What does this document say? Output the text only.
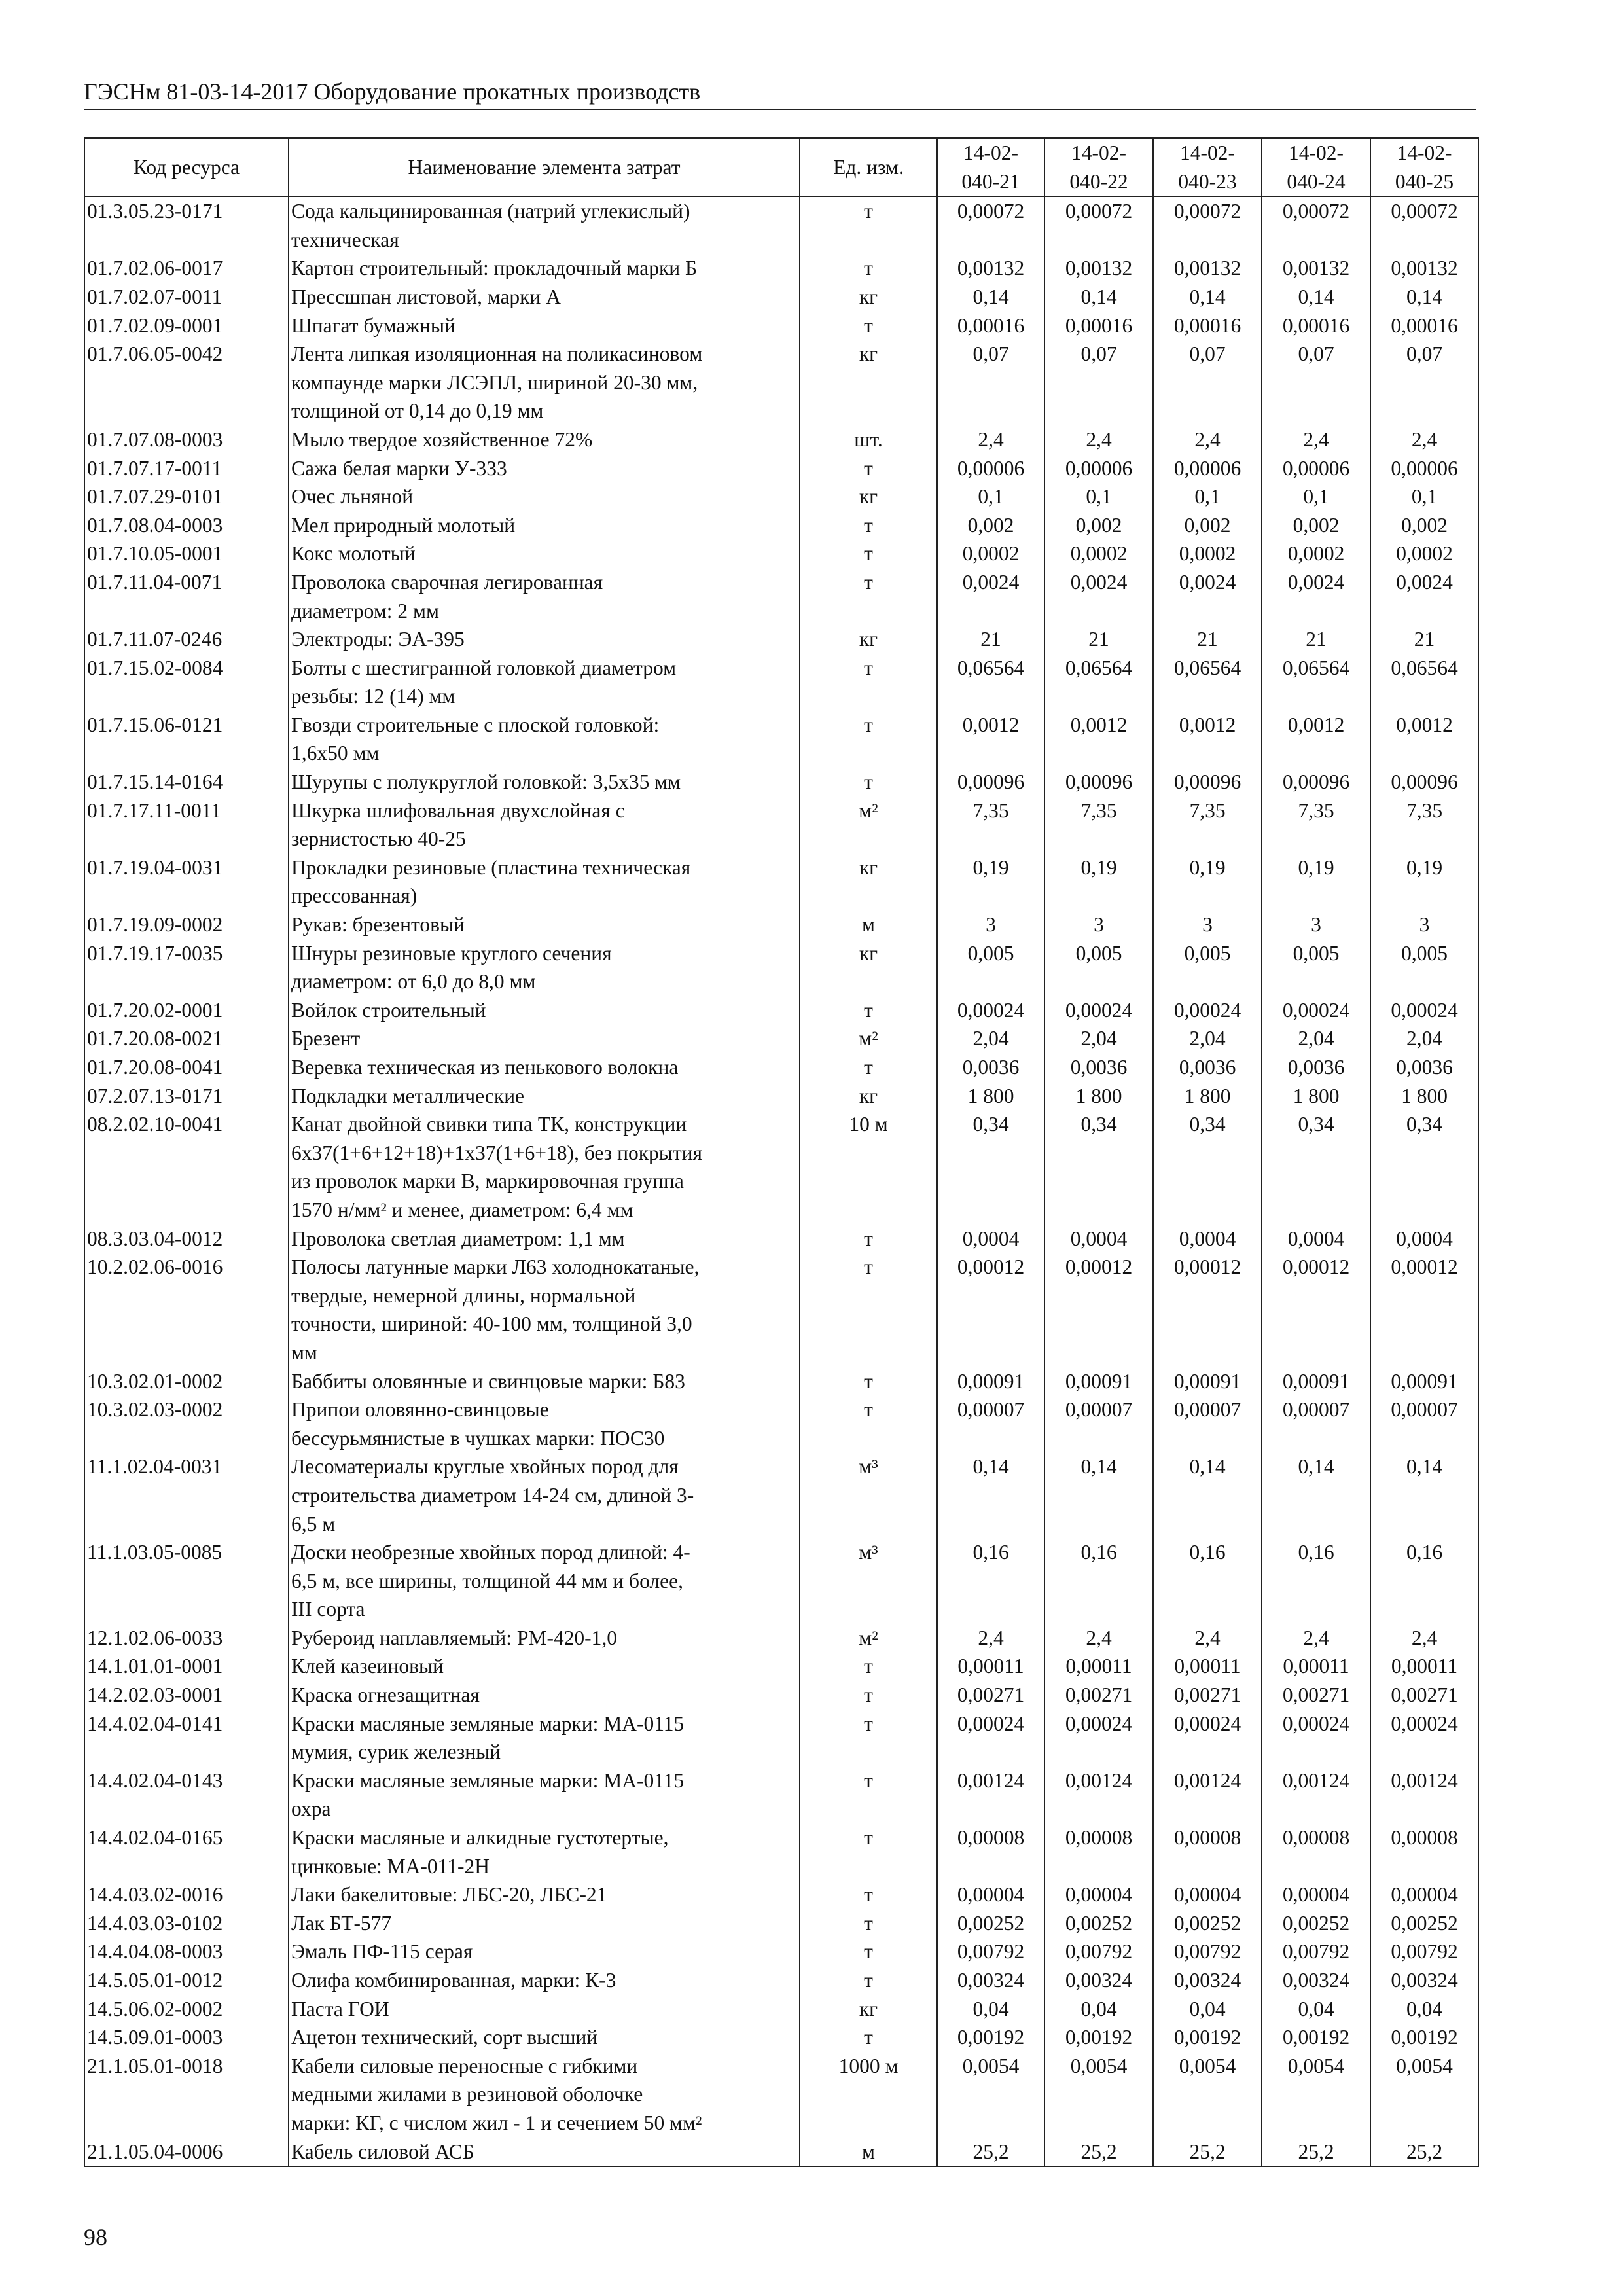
ГЭСНм 81-03-14-2017 Оборудование прокатных производств
Код ресурса	Наименование элемента затрат	Ед. изм.	14-02-
040-21	14-02-
040-22	14-02-
040-23	14-02-
040-24	14-02-
040-25
01.3.05.23-0171	Сода кальцинированная (натрий углекислый)
техническая	т	0,00072	0,00072	0,00072	0,00072	0,00072
01.7.02.06-0017	Картон строительный: прокладочный марки Б	т	0,00132	0,00132	0,00132	0,00132	0,00132
01.7.02.07-0011	Прессшпан листовой, марки А	кг	0,14	0,14	0,14	0,14	0,14
01.7.02.09-0001	Шпагат бумажный	т	0,00016	0,00016	0,00016	0,00016	0,00016
01.7.06.05-0042	Лента липкая изоляционная на поликасиновом
компаунде марки ЛСЭПЛ, шириной 20-30 мм,
толщиной от 0,14 до 0,19 мм	кг	0,07	0,07	0,07	0,07	0,07
01.7.07.08-0003	Мыло твердое хозяйственное 72%	шт.	2,4	2,4	2,4	2,4	2,4
01.7.07.17-0011	Сажа белая марки У-333	т	0,00006	0,00006	0,00006	0,00006	0,00006
01.7.07.29-0101	Очес льняной	кг	0,1	0,1	0,1	0,1	0,1
01.7.08.04-0003	Мел природный молотый	т	0,002	0,002	0,002	0,002	0,002
01.7.10.05-0001	Кокс молотый	т	0,0002	0,0002	0,0002	0,0002	0,0002
01.7.11.04-0071	Проволока сварочная легированная
диаметром: 2 мм	т	0,0024	0,0024	0,0024	0,0024	0,0024
01.7.11.07-0246	Электроды: ЭА-395	кг	21	21	21	21	21
01.7.15.02-0084	Болты с шестигранной головкой диаметром
резьбы: 12 (14) мм	т	0,06564	0,06564	0,06564	0,06564	0,06564
01.7.15.06-0121	Гвозди строительные с плоской головкой:
1,6x50 мм	т	0,0012	0,0012	0,0012	0,0012	0,0012
01.7.15.14-0164	Шурупы с полукруглой головкой: 3,5x35 мм	т	0,00096	0,00096	0,00096	0,00096	0,00096
01.7.17.11-0011	Шкурка шлифовальная двухслойная с
зернистостью 40-25	м²	7,35	7,35	7,35	7,35	7,35
01.7.19.04-0031	Прокладки резиновые (пластина техническая
прессованная)	кг	0,19	0,19	0,19	0,19	0,19
01.7.19.09-0002	Рукав: брезентовый	м	3	3	3	3	3
01.7.19.17-0035	Шнуры резиновые круглого сечения
диаметром: от 6,0 до 8,0 мм	кг	0,005	0,005	0,005	0,005	0,005
01.7.20.02-0001	Войлок строительный	т	0,00024	0,00024	0,00024	0,00024	0,00024
01.7.20.08-0021	Брезент	м²	2,04	2,04	2,04	2,04	2,04
01.7.20.08-0041	Веревка техническая из пенькового волокна	т	0,0036	0,0036	0,0036	0,0036	0,0036
07.2.07.13-0171	Подкладки металлические	кг	1 800	1 800	1 800	1 800	1 800
08.2.02.10-0041	Канат двойной свивки типа ТК, конструкции
6x37(1+6+12+18)+1x37(1+6+18), без покрытия
из проволок марки В, маркировочная группа
1570 н/мм² и менее, диаметром: 6,4 мм	10 м	0,34	0,34	0,34	0,34	0,34
08.3.03.04-0012	Проволока светлая диаметром: 1,1 мм	т	0,0004	0,0004	0,0004	0,0004	0,0004
10.2.02.06-0016	Полосы латунные марки Л63 холоднокатаные,
твердые, немерной длины, нормальной
точности, шириной: 40-100 мм, толщиной 3,0
мм	т	0,00012	0,00012	0,00012	0,00012	0,00012
10.3.02.01-0002	Баббиты оловянные и свинцовые марки: Б83	т	0,00091	0,00091	0,00091	0,00091	0,00091
10.3.02.03-0002	Припои оловянно-свинцовые
бессурьмянистые в чушках марки: ПОС30	т	0,00007	0,00007	0,00007	0,00007	0,00007
11.1.02.04-0031	Лесоматериалы круглые хвойных пород для
строительства диаметром 14-24 см, длиной 3-
6,5 м	м³	0,14	0,14	0,14	0,14	0,14
11.1.03.05-0085	Доски необрезные хвойных пород длиной: 4-
6,5 м, все ширины, толщиной 44 мм и более,
III сорта	м³	0,16	0,16	0,16	0,16	0,16
12.1.02.06-0033	Рубероид наплавляемый: РМ-420-1,0	м²	2,4	2,4	2,4	2,4	2,4
14.1.01.01-0001	Клей казеиновый	т	0,00011	0,00011	0,00011	0,00011	0,00011
14.2.02.03-0001	Краска огнезащитная	т	0,00271	0,00271	0,00271	0,00271	0,00271
14.4.02.04-0141	Краски масляные земляные марки: МА-0115
мумия, сурик железный	т	0,00024	0,00024	0,00024	0,00024	0,00024
14.4.02.04-0143	Краски масляные земляные марки: МА-0115
охра	т	0,00124	0,00124	0,00124	0,00124	0,00124
14.4.02.04-0165	Краски масляные и алкидные густотертые,
цинковые: МА-011-2Н	т	0,00008	0,00008	0,00008	0,00008	0,00008
14.4.03.02-0016	Лаки бакелитовые: ЛБС-20, ЛБС-21	т	0,00004	0,00004	0,00004	0,00004	0,00004
14.4.03.03-0102	Лак БТ-577	т	0,00252	0,00252	0,00252	0,00252	0,00252
14.4.04.08-0003	Эмаль ПФ-115 серая	т	0,00792	0,00792	0,00792	0,00792	0,00792
14.5.05.01-0012	Олифа комбинированная, марки: К-3	т	0,00324	0,00324	0,00324	0,00324	0,00324
14.5.06.02-0002	Паста ГОИ	кг	0,04	0,04	0,04	0,04	0,04
14.5.09.01-0003	Ацетон технический, сорт высший	т	0,00192	0,00192	0,00192	0,00192	0,00192
21.1.05.01-0018	Кабели силовые переносные с гибкими
медными жилами в резиновой оболочке
марки: КГ, с числом жил - 1 и сечением 50 мм²	1000 м	0,0054	0,0054	0,0054	0,0054	0,0054
21.1.05.04-0006	Кабель силовой АСБ	м	25,2	25,2	25,2	25,2	25,2
98
